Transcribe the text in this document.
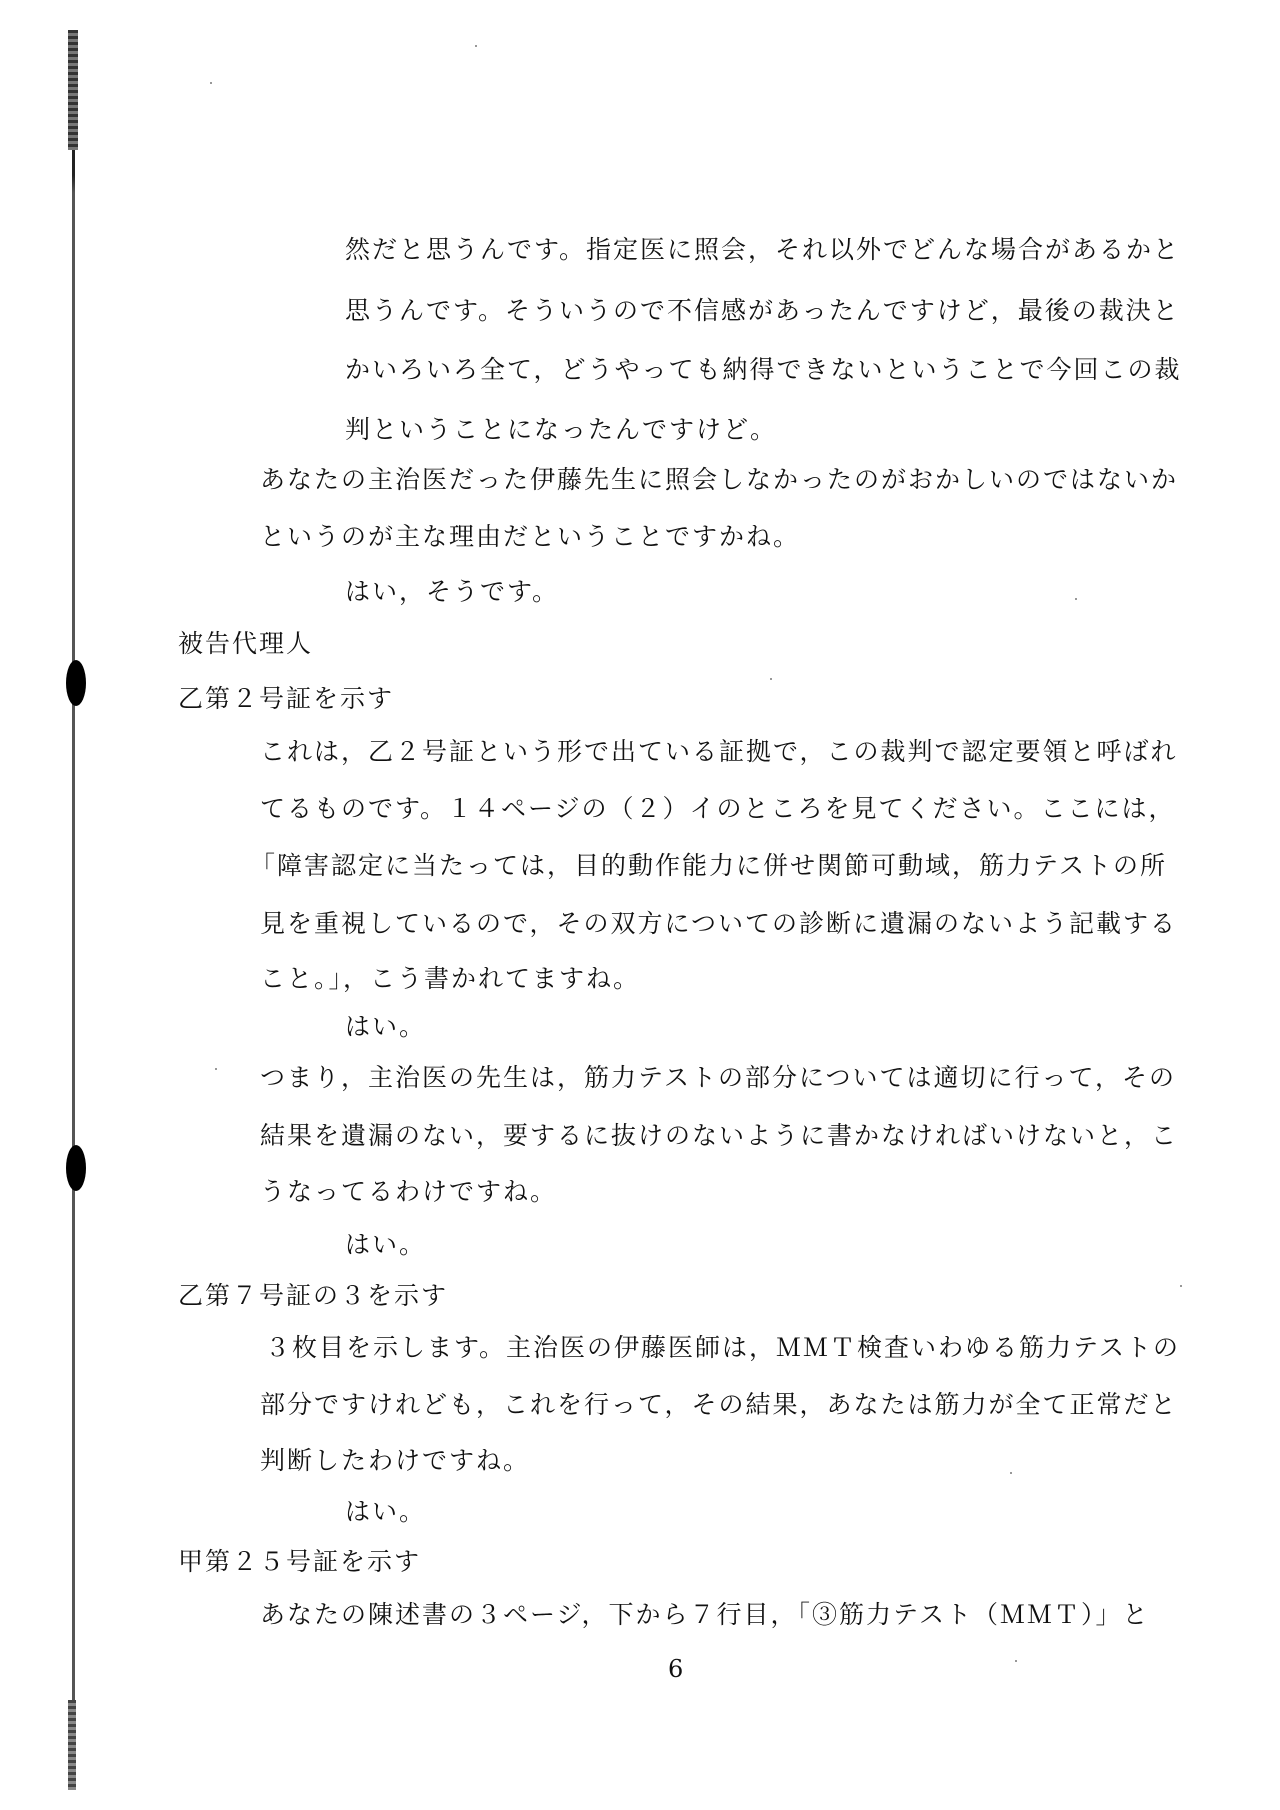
然だと思うんです。指定医に照会，それ以外でどんな場合があるかと
思うんです。そういうので不信感があったんですけど，最後の裁決と
かいろいろ全て，どうやっても納得できないということで今回この裁
判ということになったんですけど。
あなたの主治医だった伊藤先生に照会しなかったのがおかしいのではないか
というのが主な理由だということですかね。
はい，そうです。
被告代理人
乙第２号証を示す
これは，乙２号証という形で出ている証拠で，この裁判で認定要領と呼ばれ
てるものです。１４ページの（２）イのところを見てください。ここには，
「障害認定に当たっては，目的動作能力に併せ関節可動域，筋力テストの所
見を重視しているので，その双方についての診断に遺漏のないよう記載する
こと。」，こう書かれてますね。
はい。
つまり，主治医の先生は，筋力テストの部分については適切に行って，その
結果を遺漏のない，要するに抜けのないように書かなければいけないと，こ
うなってるわけですね。
はい。
乙第７号証の３を示す
３枚目を示します。主治医の伊藤医師は，ＭＭＴ検査いわゆる筋力テストの
部分ですけれども，これを行って，その結果，あなたは筋力が全て正常だと
判断したわけですね。
はい。
甲第２５号証を示す
あなたの陳述書の３ページ，下から７行目，「③筋力テスト（ＭＭＴ）」と
6
